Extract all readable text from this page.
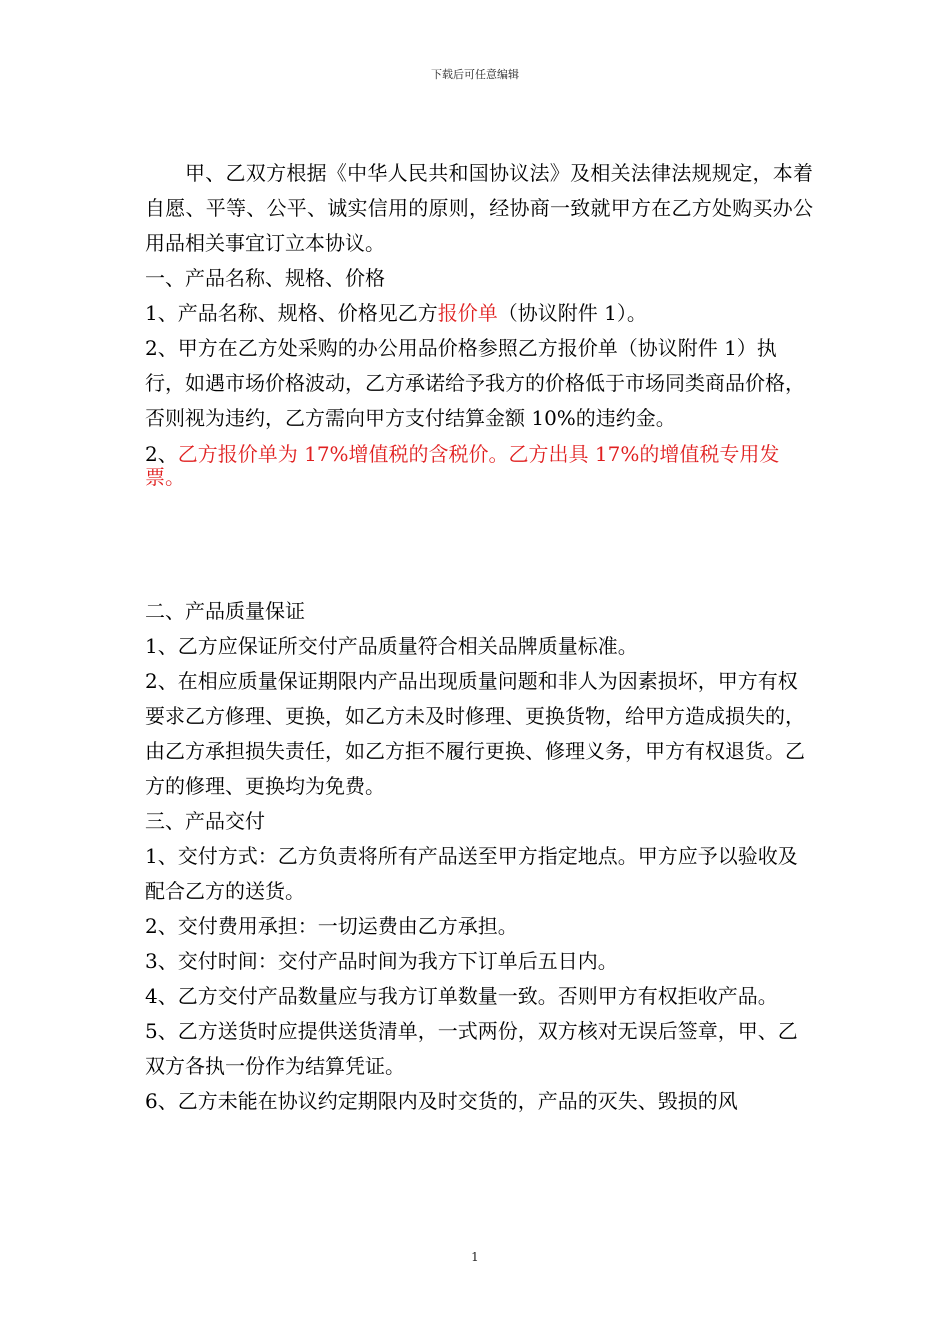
下载后可任意编辑

甲、乙双方根据《中华人民共和国协议法》及相关法律法规规定，本着自愿、平等、公平、诚实信用的原则，经协商一致就甲方在乙方处购买办公用品相关事宜订立本协议。

一、产品名称、规格、价格

1、产品名称、规格、价格见乙方报价单（协议附件 1）。

2、甲方在乙方处采购的办公用品价格参照乙方报价单（协议附件 1）执行，如遇市场价格波动，乙方承诺给予我方的价格低于市场同类商品价格，否则视为违约，乙方需向甲方支付结算金额 10%的违约金。

2、乙方报价单为 17%增值税的含税价。乙方出具 17%的增值税专用发票。

二、产品质量保证

1、乙方应保证所交付产品质量符合相关品牌质量标准。

2、在相应质量保证期限内产品出现质量问题和非人为因素损坏，甲方有权要求乙方修理、更换，如乙方未及时修理、更换货物，给甲方造成损失的，由乙方承担损失责任，如乙方拒不履行更换、修理义务，甲方有权退货。乙方的修理、更换均为免费。

三、产品交付

1、交付方式：乙方负责将所有产品送至甲方指定地点。甲方应予以验收及配合乙方的送货。

2、交付费用承担：一切运费由乙方承担。

3、交付时间：交付产品时间为我方下订单后五日内。

4、乙方交付产品数量应与我方订单数量一致。否则甲方有权拒收产品。

5、乙方送货时应提供送货清单，一式两份，双方核对无误后签章，甲、乙双方各执一份作为结算凭证。

6、乙方未能在协议约定期限内及时交货的，产品的灭失、毁损的风

1
